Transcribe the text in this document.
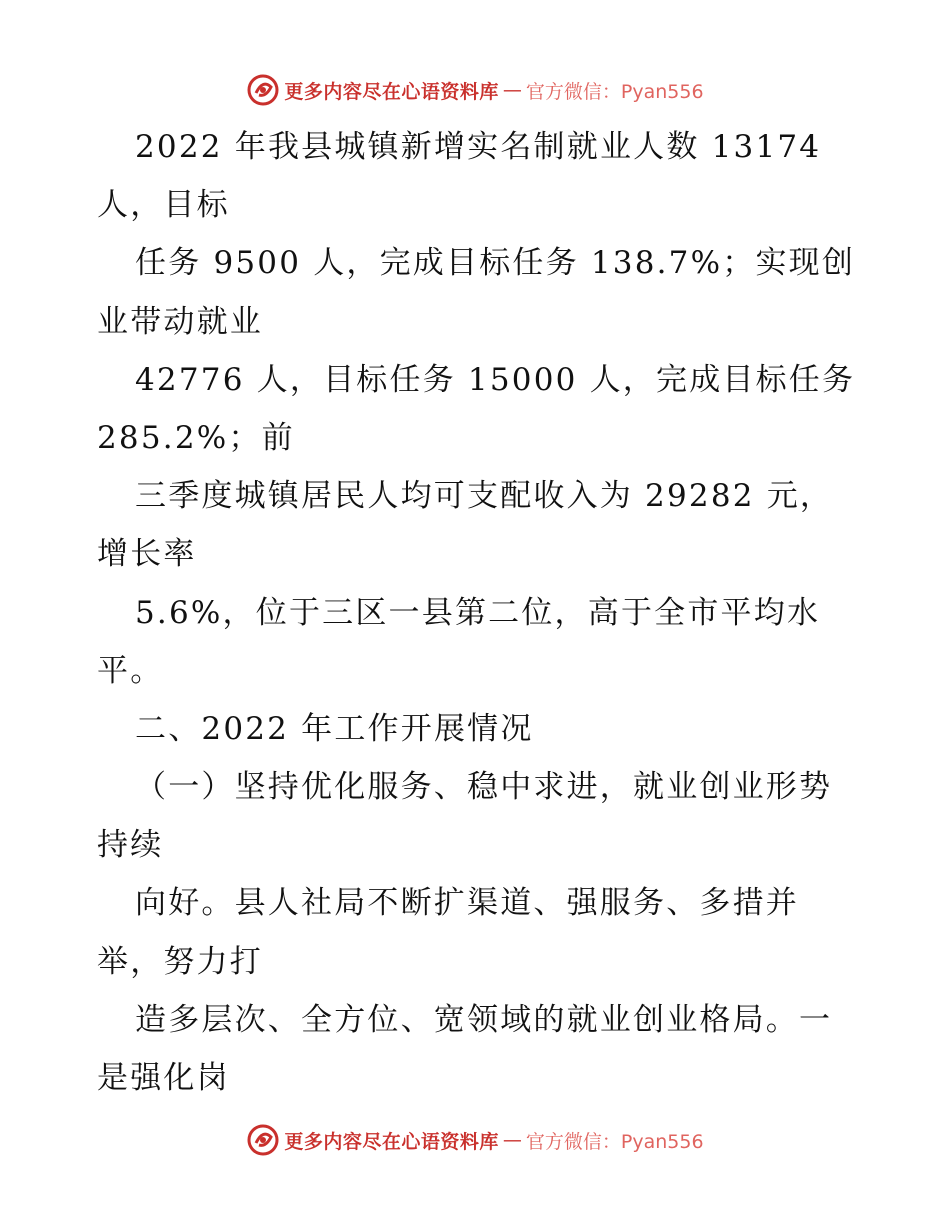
更多内容尽在心语资料库 — 官方微信：Pyan556
2022 年我县城镇新增实名制就业人数 13174
人，目标
任务 9500 人，完成目标任务 138.7%；实现创
业带动就业
42776 人，目标任务 15000 人，完成目标任务
285.2%；前
三季度城镇居民人均可支配收入为 29282 元，
增长率
5.6%，位于三区一县第二位，高于全市平均水
平。
二、2022 年工作开展情况
（一）坚持优化服务、稳中求进，就业创业形势
持续
向好。县人社局不断扩渠道、强服务、多措并
举，努力打
造多层次、全方位、宽领域的就业创业格局。一
是强化岗
更多内容尽在心语资料库 — 官方微信：Pyan556
